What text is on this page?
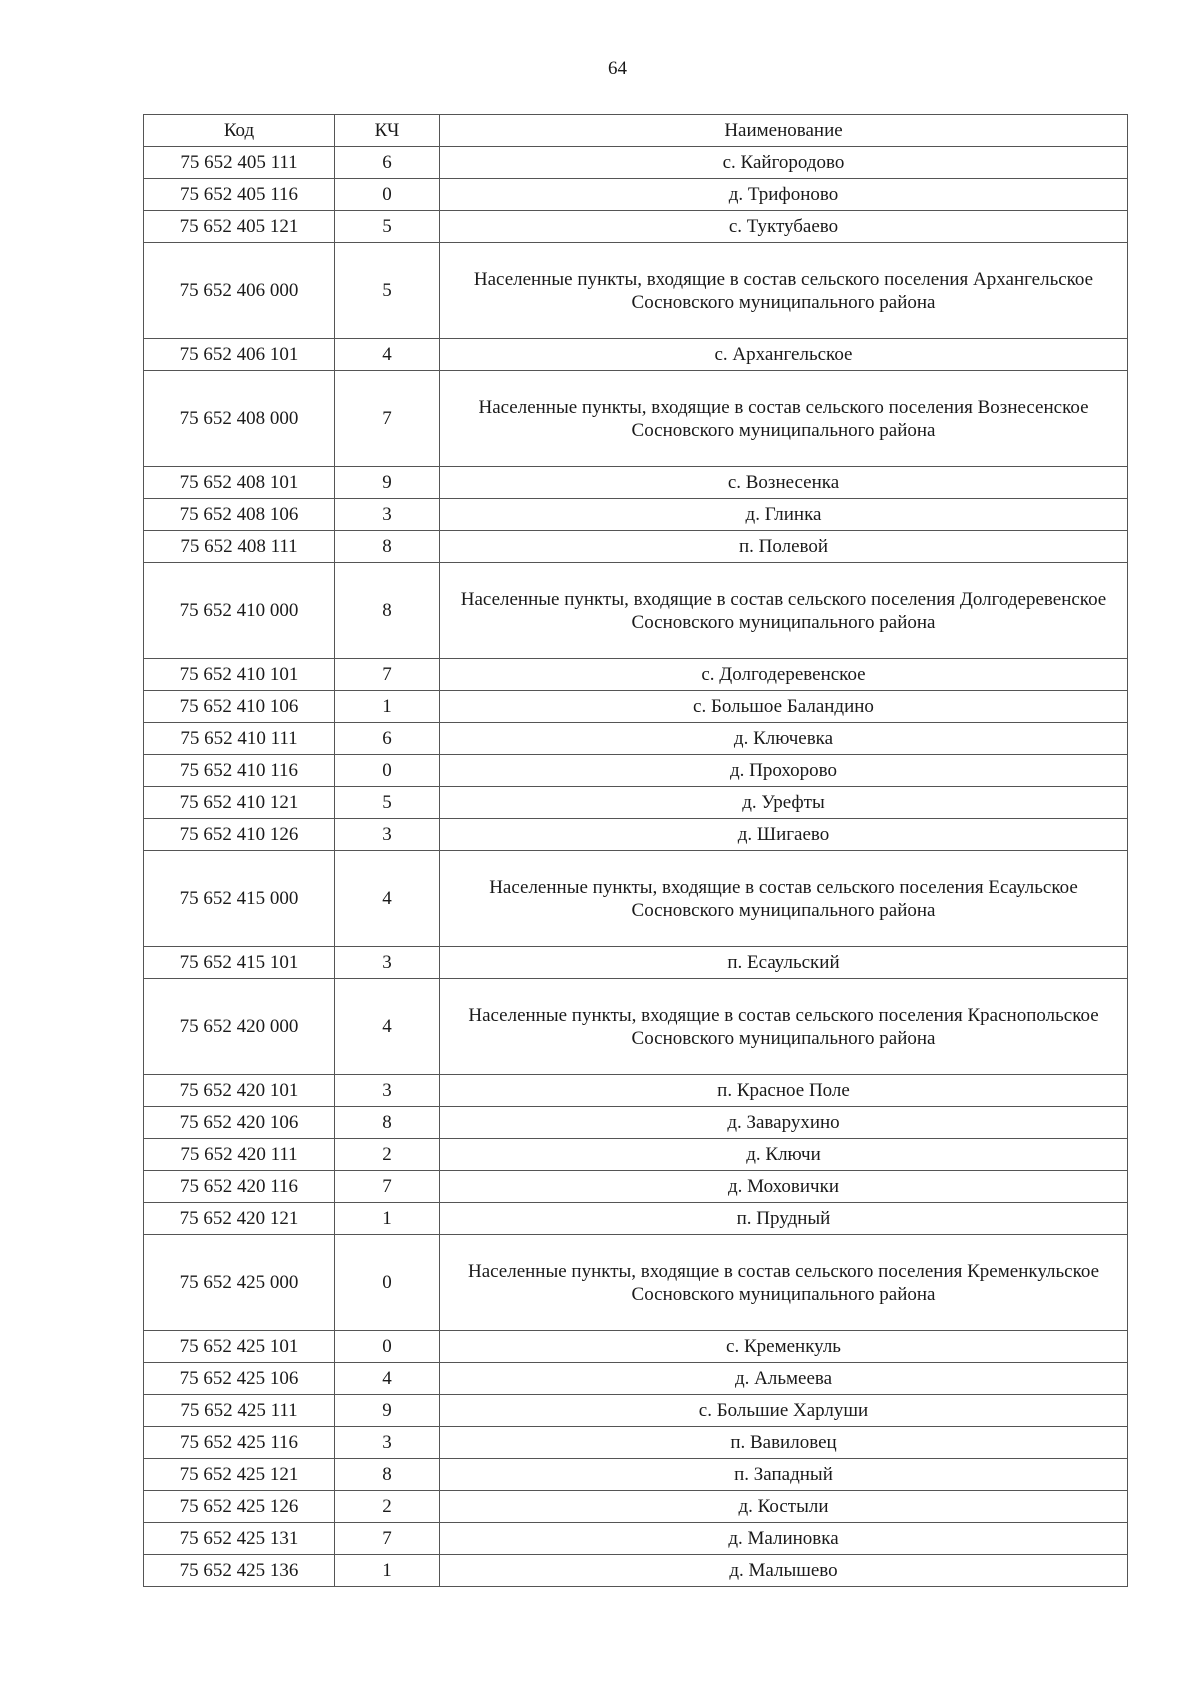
64
Код	КЧ	Наименование
75 652 405 111	6	с. Кайгородово
75 652 405 116	0	д. Трифоново
75 652 405 121	5	с. Туктубаево
75 652 406 000	5	Населенные пункты, входящие в состав сельского поселения Архангельское Сосновского муниципального района
75 652 406 101	4	с. Архангельское
75 652 408 000	7	Населенные пункты, входящие в состав сельского поселения Вознесенское Сосновского муниципального района
75 652 408 101	9	с. Вознесенка
75 652 408 106	3	д. Глинка
75 652 408 111	8	п. Полевой
75 652 410 000	8	Населенные пункты, входящие в состав сельского поселения Долгодеревенское Сосновского муниципального района
75 652 410 101	7	с. Долгодеревенское
75 652 410 106	1	с. Большое Баландино
75 652 410 111	6	д. Ключевка
75 652 410 116	0	д. Прохорово
75 652 410 121	5	д. Урефты
75 652 410 126	3	д. Шигаево
75 652 415 000	4	Населенные пункты, входящие в состав сельского поселения Есаульское Сосновского муниципального района
75 652 415 101	3	п. Есаульский
75 652 420 000	4	Населенные пункты, входящие в состав сельского поселения Краснопольское Сосновского муниципального района
75 652 420 101	3	п. Красное Поле
75 652 420 106	8	д. Заварухино
75 652 420 111	2	д. Ключи
75 652 420 116	7	д. Моховички
75 652 420 121	1	п. Прудный
75 652 425 000	0	Населенные пункты, входящие в состав сельского поселения Кременкульское Сосновского муниципального района
75 652 425 101	0	с. Кременкуль
75 652 425 106	4	д. Альмеева
75 652 425 111	9	с. Большие Харлуши
75 652 425 116	3	п. Вавиловец
75 652 425 121	8	п. Западный
75 652 425 126	2	д. Костыли
75 652 425 131	7	д. Малиновка
75 652 425 136	1	д. Малышево
